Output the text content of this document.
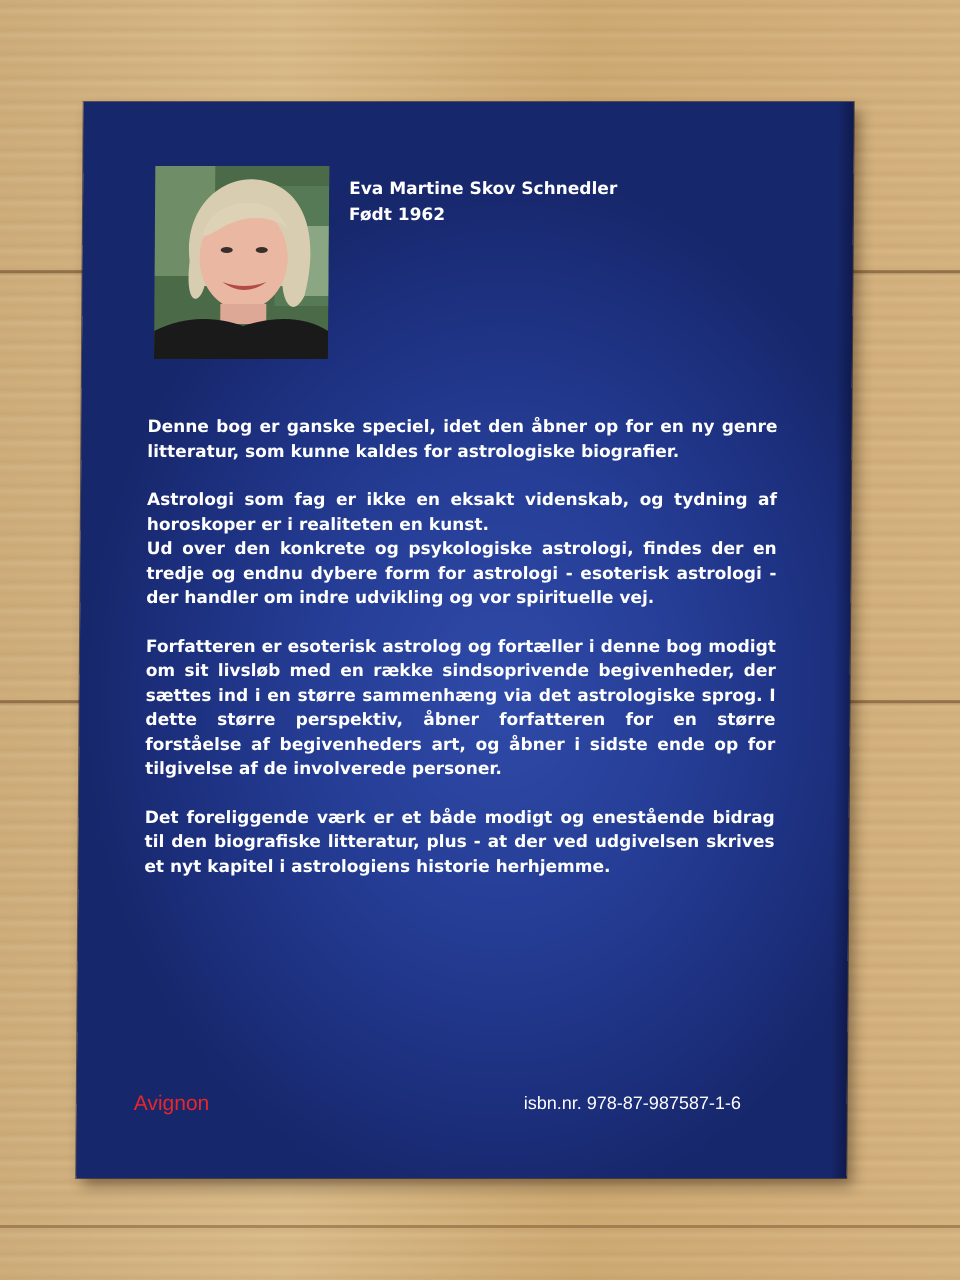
Eva Martine Skov Schnedler
Født 1962

Denne bog er ganske speciel, idet den åbner op for en ny genre litteratur, som kunne kaldes for astrologiske biografier.

Astrologi som fag er ikke en eksakt videnskab, og tydning af horoskoper er i realiteten en kunst.

Ud over den konkrete og psykologiske astrologi, findes der en tredje og endnu dybere form for astrologi - esoterisk astrologi - der handler om indre udvikling og vor spirituelle vej.

Forfatteren er esoterisk astrolog og fortæller i denne bog modigt om sit livsløb med en række sindsoprivende begivenheder, der sættes ind i en større sammenhæng via det astrologiske sprog. I dette større perspektiv, åbner forfatteren for en større forståelse af begivenheders art, og åbner i sidste ende op for tilgivelse af de involverede personer.

Det foreliggende værk er et både modigt og enestående bidrag til den biografiske litteratur, plus - at der ved udgivelsen skrives et nyt kapitel i astrologiens historie herhjemme.

Avignon	isbn.nr. 978-87-987587-1-6
